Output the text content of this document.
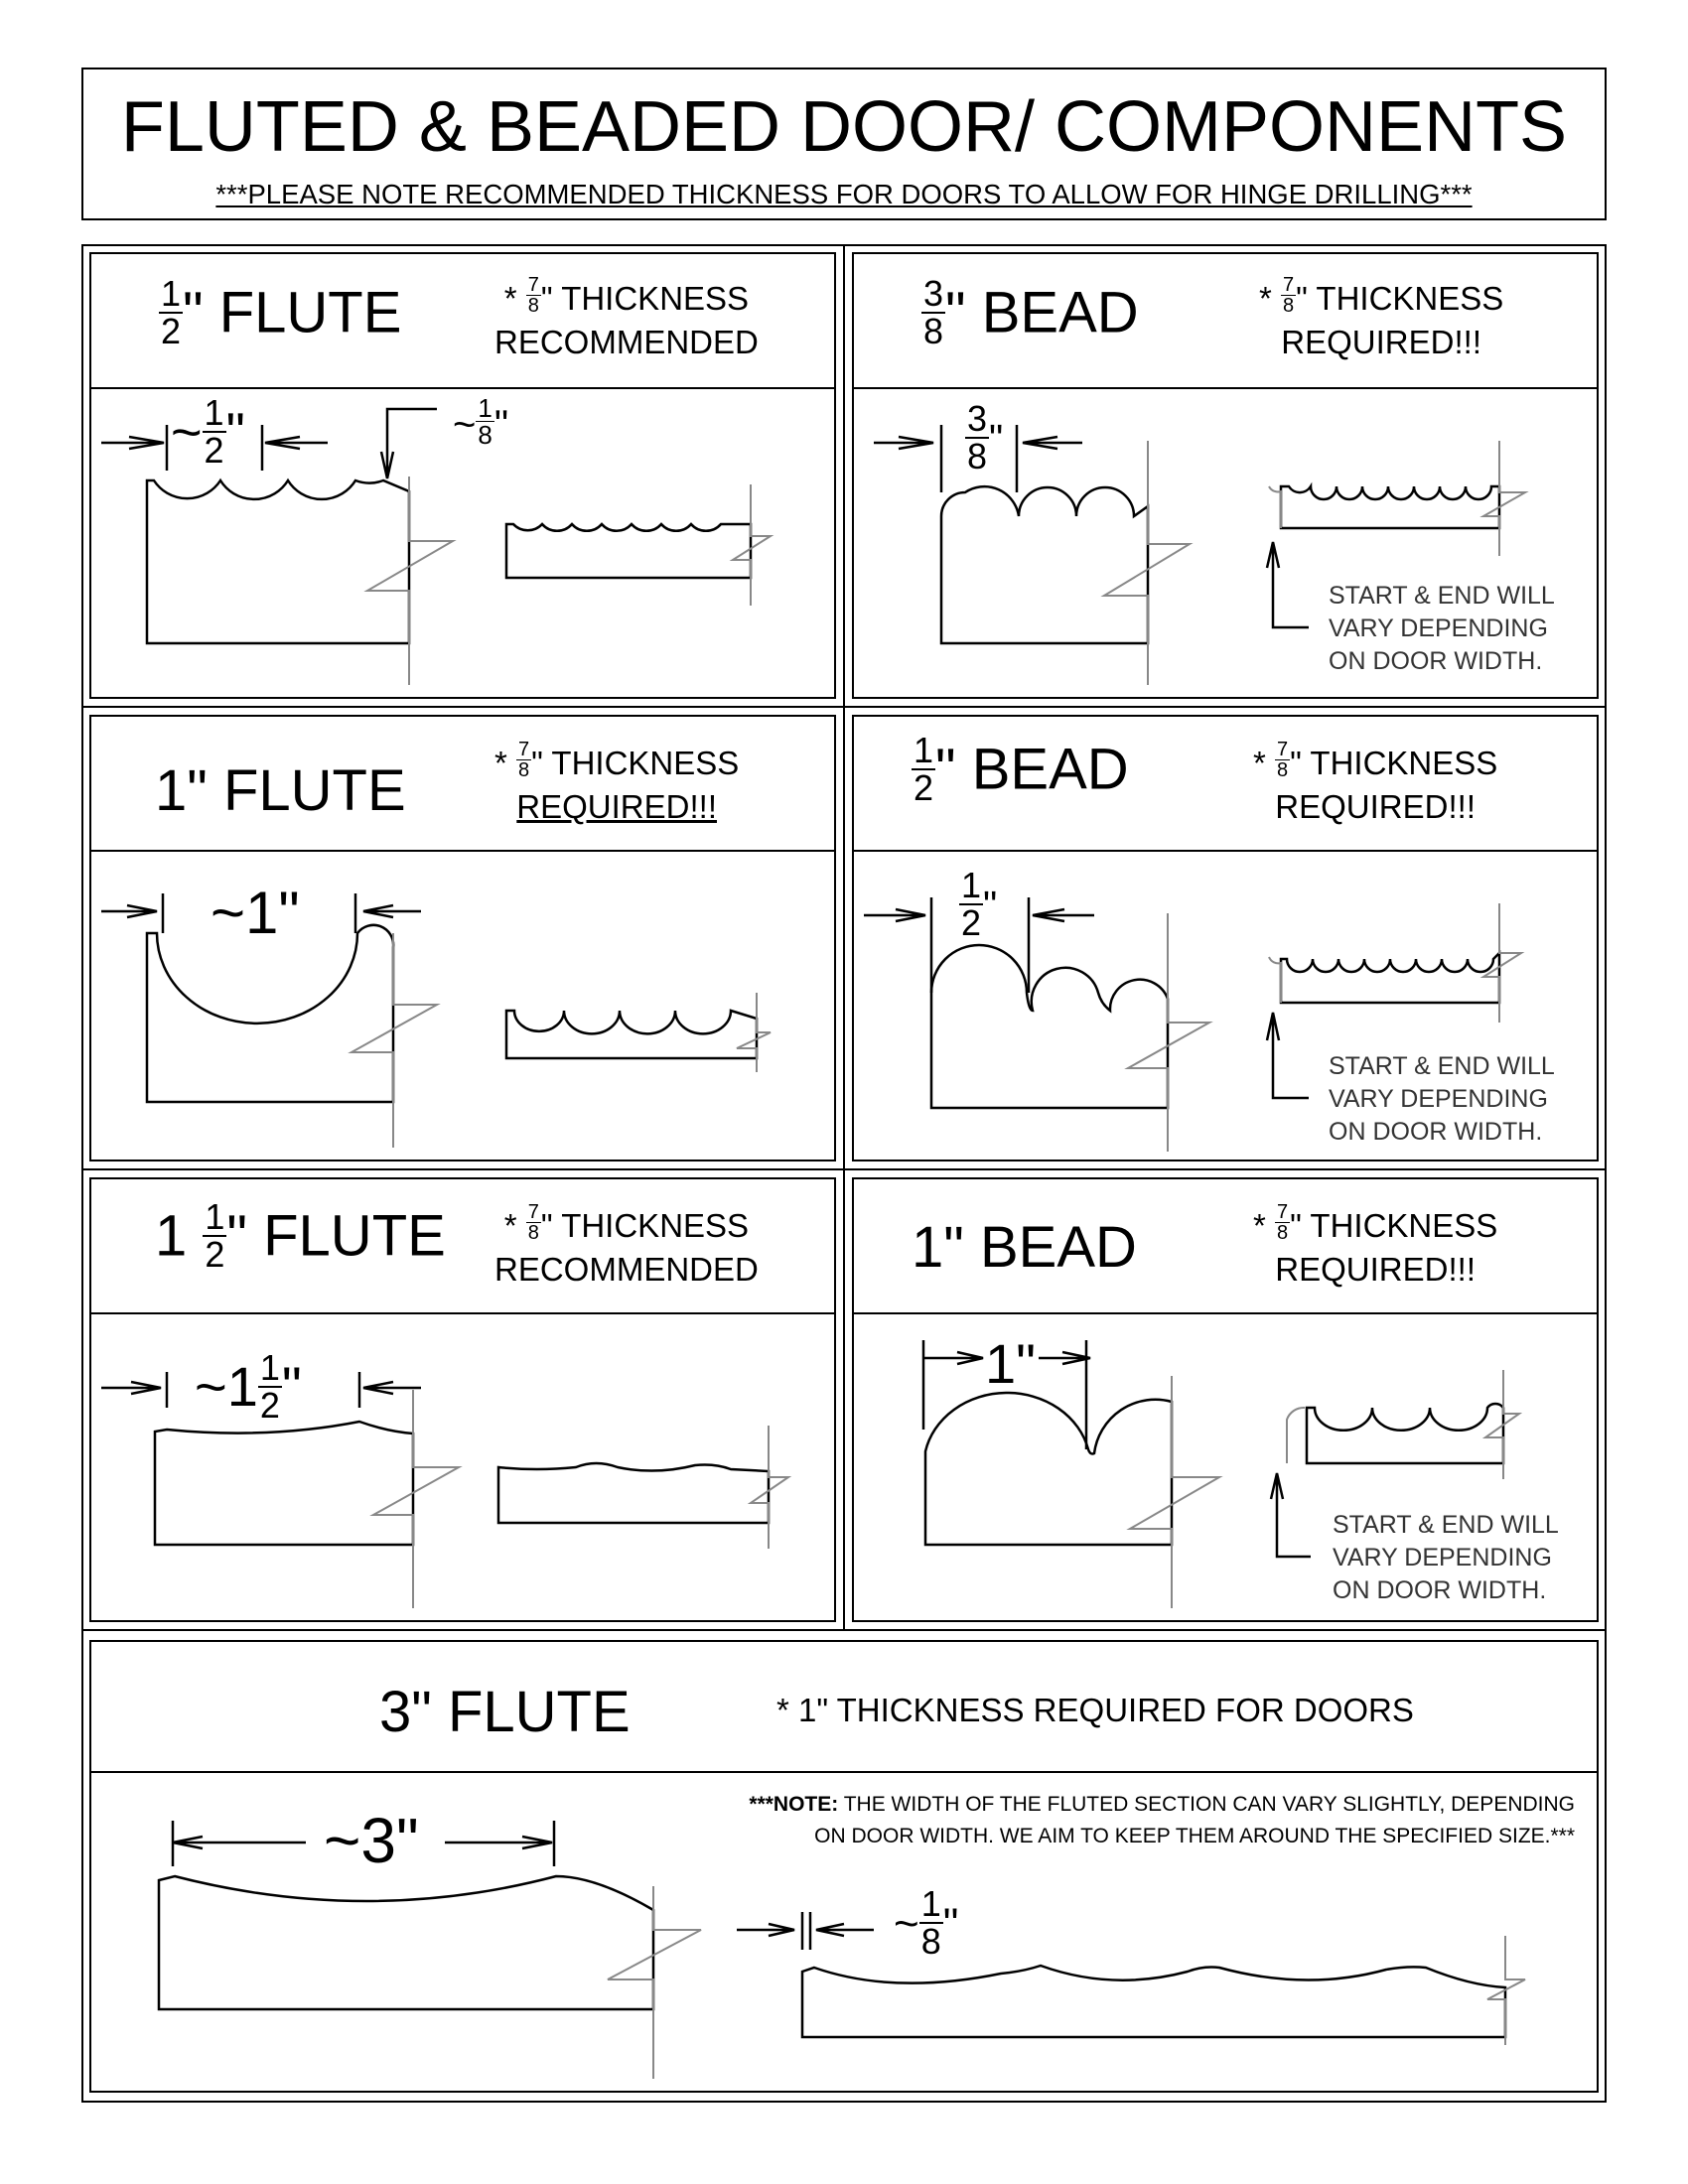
FLUTED & BEADED DOOR/ COMPONENTS
***PLEASE NOTE RECOMMENDED THICKNESS FOR DOORS TO ALLOW FOR HINGE DRILLING***
$\frac{1}{2}$ " FLUTE	* $\frac{7}{8}$ " THICKNESS
RECOMMENDED
~ $\frac{1}{2}$ "	~ $\frac{1}{8}$ "
$\frac{3}{8}$ " BEAD	* $\frac{7}{8}$ " THICKNESS
REQUIRED!!!
$\frac{3}{8}$ "
START & END WILL
VARY DEPENDING
ON DOOR WIDTH.
1" FLUTE	* $\frac{7}{8}$ " THICKNESS
REQUIRED!!!
~1"
$\frac{1}{2}$ " BEAD	* $\frac{7}{8}$ " THICKNESS
REQUIRED!!!
$\frac{1}{2}$ "
START & END WILL
VARY DEPENDING
ON DOOR WIDTH.
$1 \frac{1}{2}$ " FLUTE * $\frac{7}{8}$ " THICKNESS
RECOMMENDED
~1 $\frac{1}{2}$ "
1" BEAD	* $\frac{7}{8}$ " THICKNESS
REQUIRED!!!
1"
START & END WILL
VARY DEPENDING
ON DOOR WIDTH.
3" FLUTE	* 1" THICKNESS REQUIRED FOR DOORS
***NOTE: THE WIDTH OF THE FLUTED SECTION CAN VARY SLIGHTLY, DEPENDING
ON DOOR WIDTH. WE AIM TO KEEP THEM AROUND THE SPECIFIED SIZE.***
~3"
~ $\frac{1}{8}$ "
